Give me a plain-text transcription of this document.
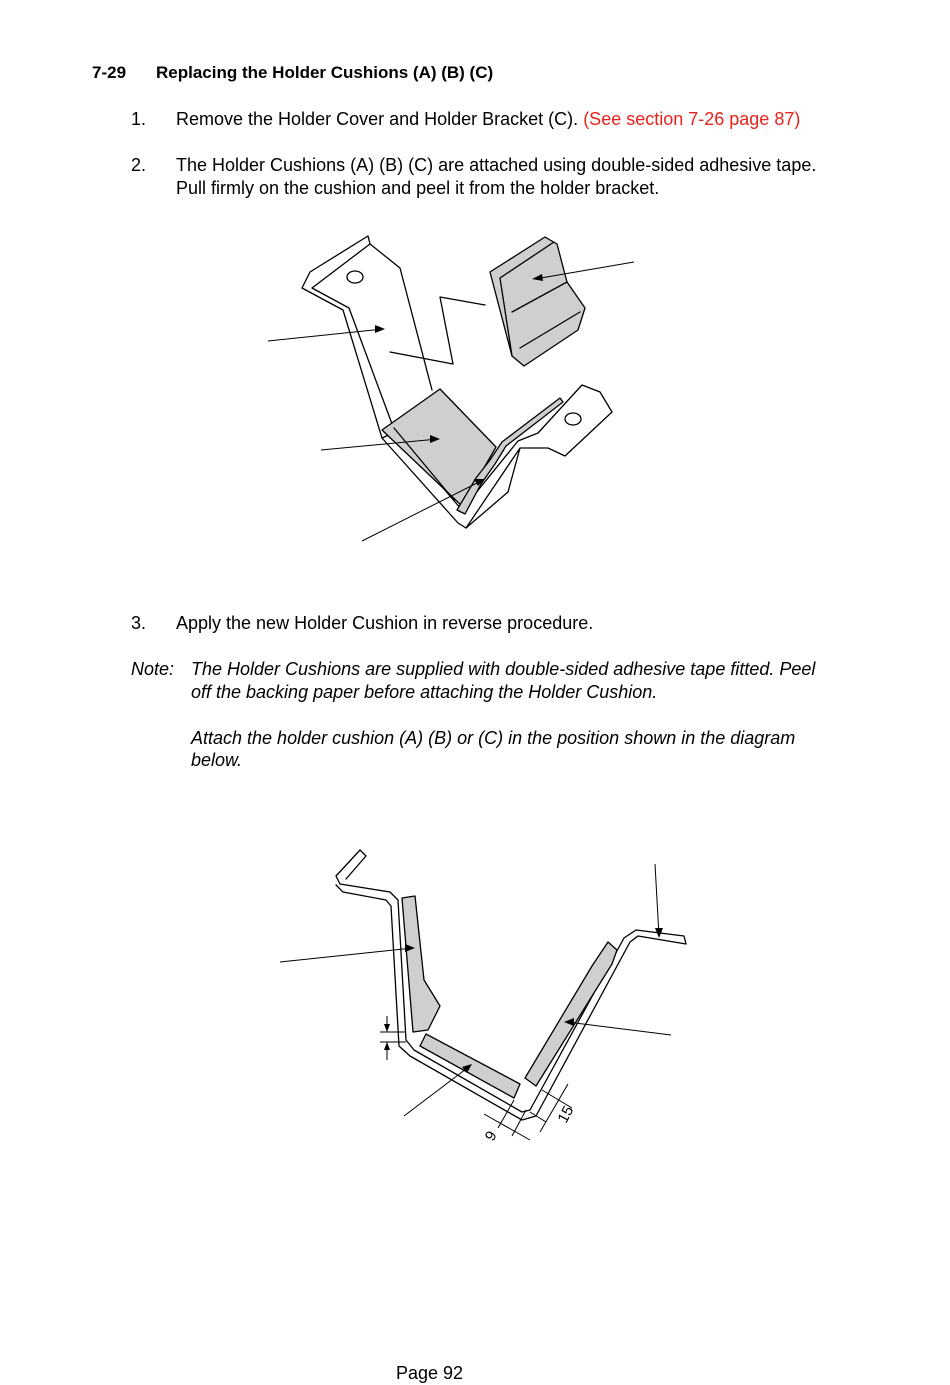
7-29 Replacing the Holder Cushions (A) (B) (C)
1. Remove the Holder Cover and Holder Bracket (C). (See section 7-26 page 87)
2. The Holder Cushions (A) (B) (C) are attached using double-sided adhesive tape.
Pull firmly on the cushion and peel it from the holder bracket.
3. Apply the new Holder Cushion in reverse procedure.
Note: The Holder Cushions are supplied with double-sided adhesive tape fitted. Peel
off the backing paper before attaching the Holder Cushion.
Attach the holder cushion (A) (B) or (C) in the position shown in the diagram
below.
9
15
Page 92
